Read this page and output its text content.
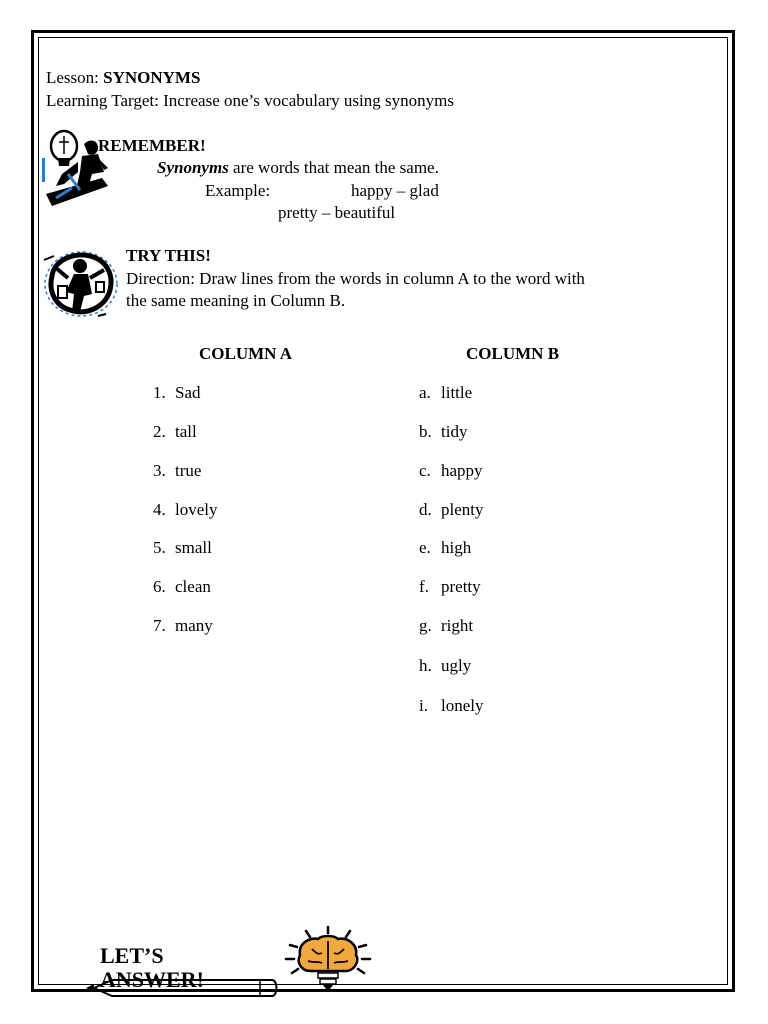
Lesson: SYNONYMS
Learning Target: Increase one’s vocabulary using synonyms
REMEMBER!
Synonyms are words that mean the same.
Example:	happy – glad
pretty – beautiful
TRY THIS!
Direction: Draw lines from the words in column A to the word with
the same meaning in Column B.
COLUMN A	COLUMN B
1. Sad
2. tall
3. true
4. lovely
5. small
6. clean
7. many
a. little
b. tidy
c. happy
d. plenty
e. high
f. pretty
g. right
h. ugly
i. lonely
LET’S
ANSWER!
